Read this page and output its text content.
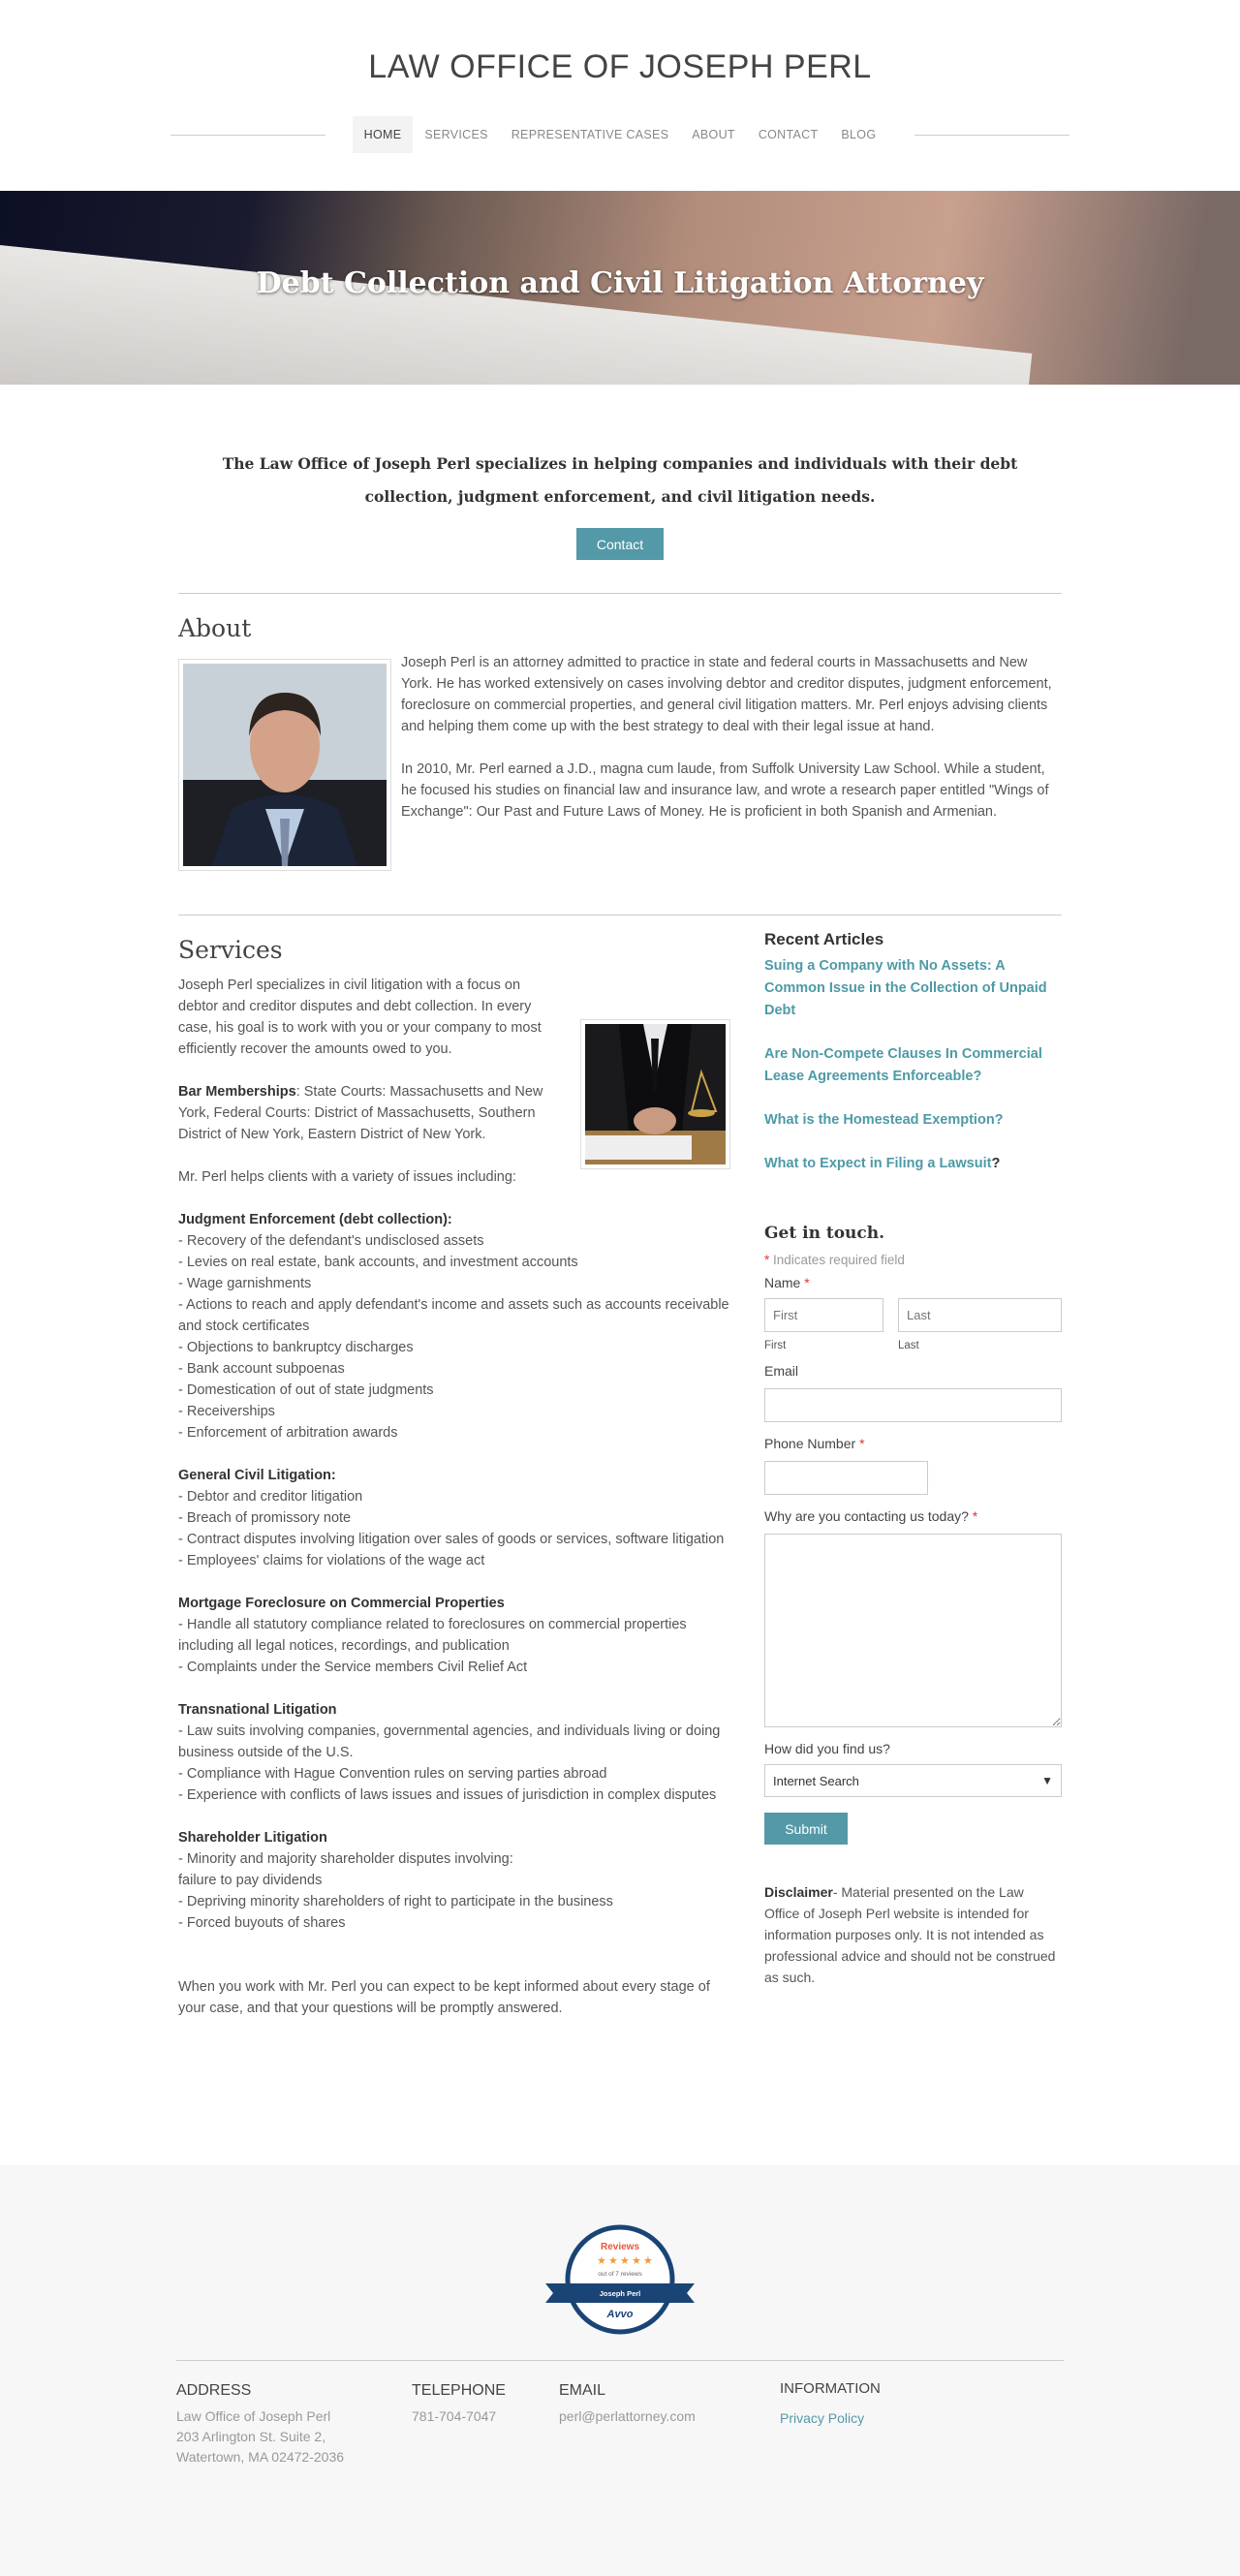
LAW OFFICE OF JOSEPH PERL
HOME	SERVICES	REPRESENTATIVE CASES	ABOUT	CONTACT	BLOG
Debt Collection and Civil Litigation Attorney
The Law Office of Joseph Perl specializes in helping companies and individuals with their debt collection, judgment enforcement, and civil litigation needs.
Contact
About

Joseph Perl is an attorney admitted to practice in state and federal courts in Massachusetts and New York. He has worked extensively on cases involving debtor and creditor disputes, judgment enforcement, foreclosure on commercial properties, and general civil litigation matters. Mr. Perl enjoys advising clients and helping them come up with the best strategy to deal with their legal issue at hand.

In 2010, Mr. Perl earned a J.D., magna cum laude, from Suffolk University Law School. While a student, he focused his studies on financial law and insurance law, and wrote a research paper entitled "Wings of Exchange": Our Past and Future Laws of Money. He is proficient in both Spanish and Armenian.

Services

Joseph Perl specializes in civil litigation with a focus on debtor and creditor disputes and debt collection. In every case, his goal is to work with you or your company to most efficiently recover the amounts owed to you.

Bar Memberships: State Courts: Massachusetts and New York, Federal Courts: District of Massachusetts, Southern District of New York, Eastern District of New York.

Mr. Perl helps clients with a variety of issues including:

Judgment Enforcement (debt collection):
- Recovery of the defendant's undisclosed assets
- Levies on real estate, bank accounts, and investment accounts
- Wage garnishments
- Actions to reach and apply defendant's income and assets such as accounts receivable and stock certificates
- Objections to bankruptcy discharges
- Bank account subpoenas
- Domestication of out of state judgments
- Receiverships
- Enforcement of arbitration awards

General Civil Litigation:
- Debtor and creditor litigation
- Breach of promissory note
- Contract disputes involving litigation over sales of goods or services, software litigation
- Employees' claims for violations of the wage act

Mortgage Foreclosure on Commercial Properties
- Handle all statutory compliance related to foreclosures on commercial properties including all legal notices, recordings, and publication
- Complaints under the Service members Civil Relief Act

Transnational Litigation
- Law suits involving companies, governmental agencies, and individuals living or doing business outside of the U.S.
- Compliance with Hague Convention rules on serving parties abroad
- Experience with conflicts of laws issues and issues of jurisdiction in complex disputes

Shareholder Litigation
- Minority and majority shareholder disputes involving:
failure to pay dividends
- Depriving minority shareholders of right to participate in the business
- Forced buyouts of shares

When you work with Mr. Perl you can expect to be kept informed about every stage of your case, and that your questions will be promptly answered.

Recent Articles
Suing a Company with No Assets: A Common Issue in the Collection of Unpaid Debt
Are Non-Compete Clauses In Commercial Lease Agreements Enforceable?
What is the Homestead Exemption?
What to Expect in Filing a Lawsuit?
Get in touch.
* Indicates required field
Name *
First
First
Last	Last
Email
Phone Number *
Why are you contacting us today? *
How did you find us?
Internet Search	▼
Submit
Disclaimer- Material presented on the Law Office of Joseph Perl website is intended for information purposes only. It is not intended as professional advice and should not be construed as such.
Reviews
★ ★ ★ ★ ★
out of 7 reviews
Joseph Perl
Avvo
ADDRESS
Law Office of Joseph Perl
203 Arlington St. Suite 2,
Watertown, MA 02472-2036
TELEPHONE
781-704-7047
EMAIL
perl@perlattorney.com
INFORMATION
Privacy Policy
